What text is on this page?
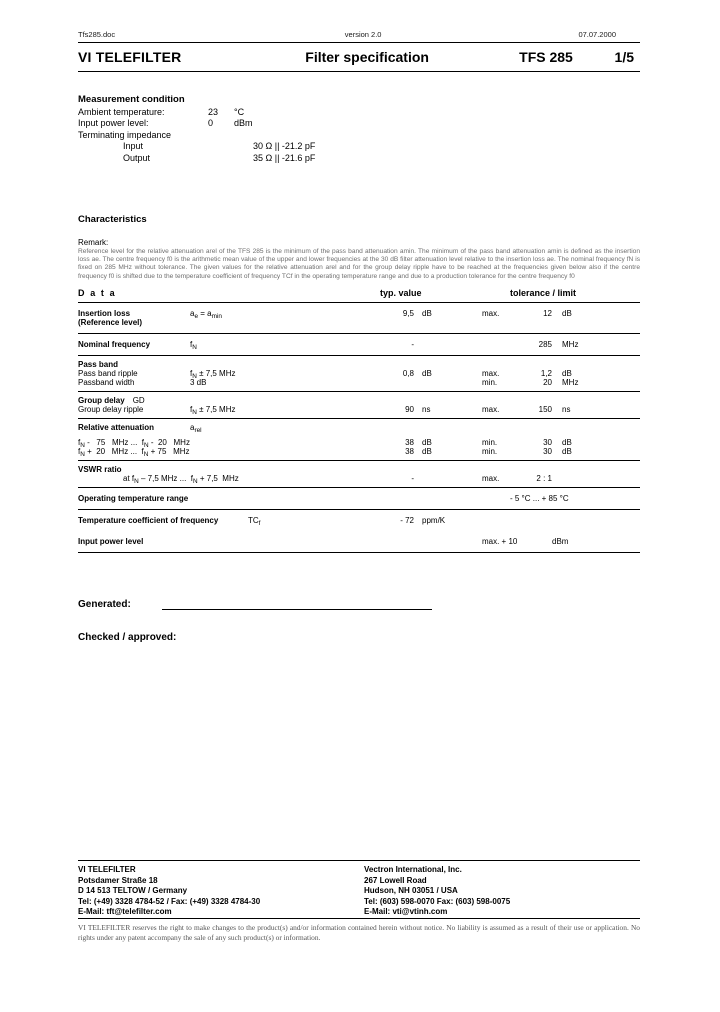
Tfs285.doc	version 2.0	07.07.2000
VI TELEFILTER	Filter specification	TFS 285	1/5
Measurement condition
Ambient temperature:	23	°C
Input power level:	0	dBm
Terminating impedance
Input	30 Ω || -21.2 pF
Output	35 Ω || -21.6 pF
Characteristics
Remark:
Reference level for the relative attenuation arel of the TFS 285 is the minimum of the pass band attenuation amin. The minimum of the pass band attenuation amin is defined as the insertion loss ae. The centre frequency f0 is the arithmetic mean value of the upper and lower frequencies at the 30 dB filter attenuation level relative to the insertion loss ae. The nominal frequency fN is fixed on 285 MHz without tolerance. The given values for the relative attenuation arel and for the group delay ripple have to be reached at the frequencies given below also if the centre frequency f0 is shifted due to the temperature coefficient of frequency TCf in the operating temperature range and due to a production tolerance for the centre frequency f0
D a t a	typ. value	tolerance / limit
Insertion loss	$a_e = a_{min}$	9,5	dB	max.	12	dB
(Reference level)
Nominal frequency	$f_N$	-	285	MHz
Pass band
Pass band ripple	$f_N \pm 7,5$ MHz	0,8	dB	max.	1,2	dB
Passband width	3 dB	min.	20	MHz
Group delay	GD
Group delay ripple	$f_N \pm 7,5$ MHz	90	ns	max.	150	ns
Relative attenuation	$a_{rel}$
$f_N - 75$   MHz ...  $f_N - 20$   MHz	38	dB	min.	30	dB
$f_N + 20$   MHz ...  $f_N + 75$   MHz	38	dB	min.	30	dB
VSWR ratio
at $f_N - 7,5$ MHz ...  $f_N + 7,5$  MHz	-	max.	2 : 1
Operating temperature range	- 5 °C ... + 85 °C
Temperature coefficient of frequency	$TC_f$	- 72	ppm/K
Input power level	max. + 10	dBm
Generated:
Checked / approved:
VI TELEFILTER
Potsdamer Straße 18
D 14 513 TELTOW / Germany
Tel: (+49) 3328 4784-52 / Fax: (+49) 3328 4784-30
E-Mail: tft@telefilter.com
Vectron International, Inc.
267 Lowell Road
Hudson, NH 03051 / USA
Tel: (603) 598-0070 Fax: (603) 598-0075
E-Mail: vti@vtinh.com
VI TELEFILTER reserves the right to make changes to the product(s) and/or information contained herein without notice. No liability is assumed as a result of their use or application. No rights under any patent accompany the sale of any such product(s) or information.
